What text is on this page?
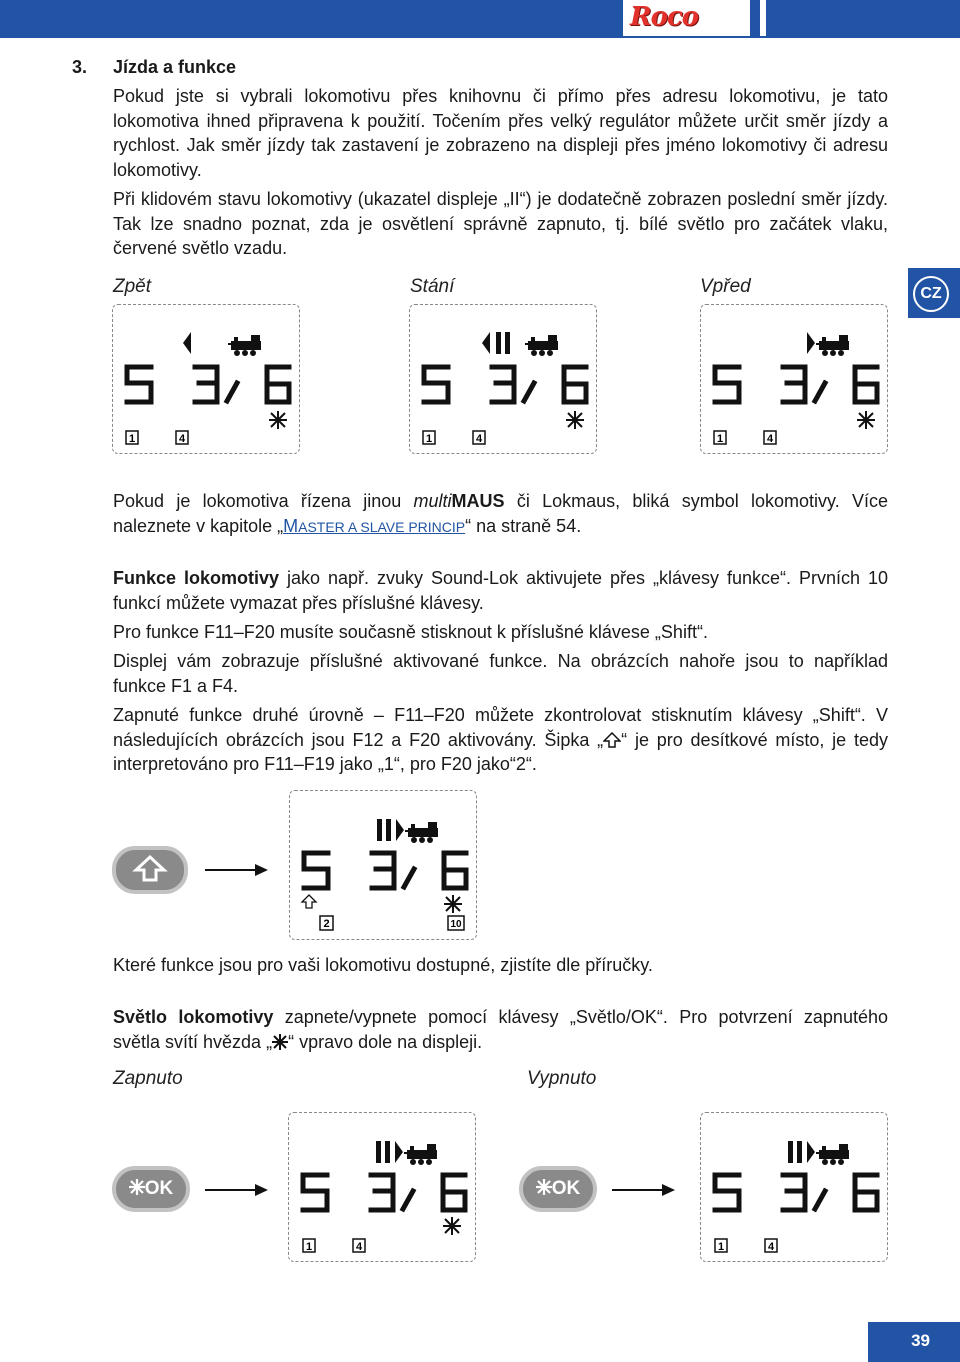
Roco
CZ
3. Jízda a funkce
Pokud jste si vybrali lokomotivu přes knihovnu či přímo přes adresu lokomotivu, je tato lokomotiva ihned připravena k použití. Točením přes velký regulátor můžete určit směr jízdy a rychlost. Jak směr jízdy tak zastavení je zobrazeno na displeji přes jméno lokomotivy či adresu lokomotivy.
Při klidovém stavu lokomotivy (ukazatel displeje „II“) je dodatečně zobrazen poslední směr jízdy. Tak lze snadno poznat, zda je osvětlení správně zapnuto, tj. bílé světlo pro začátek vlaku, červené světlo vzadu.
Zpět	Stání	Vpřed
1	4	1	4	1	4
Pokud je lokomotiva řízena jinou multiMAUS či Lokmaus, bliká symbol lokomotivy. Více naleznete v kapitole „MASTER A SLAVE PRINCIP“ na straně 54.
Funkce lokomotivy jako např. zvuky Sound-Lok aktivujete přes „klávesy funkce“. Prvních 10 funkcí můžete vymazat přes příslušné klávesy.
Pro funkce F11–F20 musíte současně stisknout k příslušné klávese „Shift“.
Displej vám zobrazuje příslušné aktivované funkce. Na obrázcích nahoře jsou to například funkce F1 a F4.
Zapnuté funkce druhé úrovně – F11–F20 můžete zkontrolovat stisknutím klávesy „Shift“. V následujících obrázcích jsou F12 a F20 aktivovány. Šipka „ “ je pro desítkové místo, je tedy interpretováno pro F11–F19 jako „1“, pro F20 jako“2“.
2	10
Které funkce jsou pro vaši lokomotivu dostupné, zjistíte dle příručky.
Světlo lokomotivy zapnete/vypnete pomocí klávesy „Světlo/OK“. Pro potvrzení zapnutého světla svítí hvězda „ “ vpravo dole na displeji.
Zapnuto	Vypnuto
OK
1	4
OK
1	4
39
